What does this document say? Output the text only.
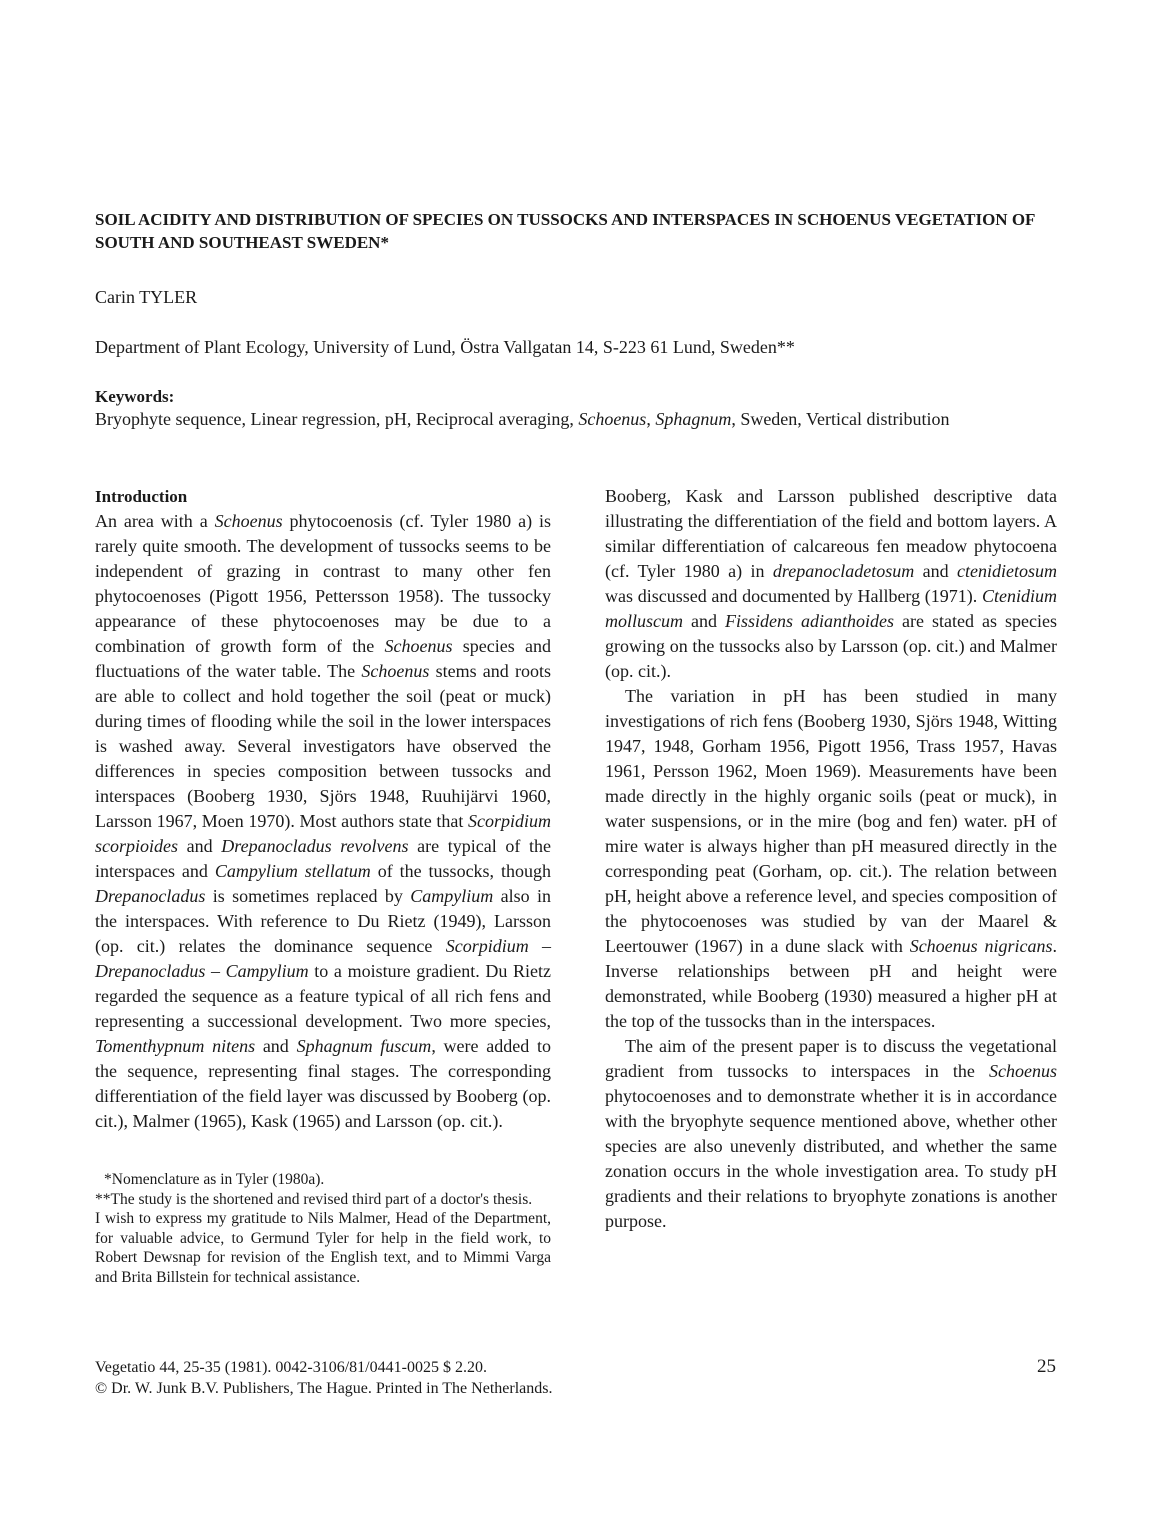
SOIL ACIDITY AND DISTRIBUTION OF SPECIES ON TUSSOCKS AND INTERSPACES IN SCHOENUS VEGETATION OF SOUTH AND SOUTHEAST SWEDEN*
Carin TYLER
Department of Plant Ecology, University of Lund, Östra Vallgatan 14, S-223 61 Lund, Sweden**
Keywords:
Bryophyte sequence, Linear regression, pH, Reciprocal averaging, Schoenus, Sphagnum, Sweden, Vertical distribution

Introduction

An area with a Schoenus phytocoenosis (cf. Tyler 1980 a) is rarely quite smooth. The development of tussocks seems to be independent of grazing in contrast to many other fen phytocoenoses (Pigott 1956, Pettersson 1958). The tussocky appearance of these phytocoenoses may be due to a combination of growth form of the Schoenus species and fluctuations of the water table. The Schoenus stems and roots are able to collect and hold together the soil (peat or muck) during times of flooding while the soil in the lower interspaces is washed away. Several investigators have observed the differences in species composition between tussocks and interspaces (Booberg 1930, Sjörs 1948, Ruuhijärvi 1960, Larsson 1967, Moen 1970). Most authors state that Scorpidium scorpioides and Drepanocladus revolvens are typical of the interspaces and Campylium stellatum of the tussocks, though Drepanocladus is sometimes replaced by Campylium also in the interspaces. With reference to Du Rietz (1949), Larsson (op. cit.) relates the dominance sequence Scorpidium – Drepanocladus – Campylium to a moisture gradient. Du Rietz regarded the sequence as a feature typical of all rich fens and representing a successional development. Two more species, Tomenthypnum nitens and Sphagnum fuscum, were added to the sequence, representing final stages. The corresponding differentiation of the field layer was discussed by Booberg (op. cit.), Malmer (1965), Kask (1965) and Larsson (op. cit.).

Booberg, Kask and Larsson published descriptive data illustrating the differentiation of the field and bottom layers. A similar differentiation of calcareous fen meadow phytocoena (cf. Tyler 1980 a) in drepanocladetosum and ctenidietosum was discussed and documented by Hallberg (1971). Ctenidium molluscum and Fissidens adianthoides are stated as species growing on the tussocks also by Larsson (op. cit.) and Malmer (op. cit.).

The variation in pH has been studied in many investigations of rich fens (Booberg 1930, Sjörs 1948, Witting 1947, 1948, Gorham 1956, Pigott 1956, Trass 1957, Havas 1961, Persson 1962, Moen 1969). Measurements have been made directly in the highly organic soils (peat or muck), in water suspensions, or in the mire (bog and fen) water. pH of mire water is always higher than pH measured directly in the corresponding peat (Gorham, op. cit.). The relation between pH, height above a reference level, and species composition of the phytocoenoses was studied by van der Maarel & Leertouwer (1967) in a dune slack with Schoenus nigricans. Inverse relationships between pH and height were demonstrated, while Booberg (1930) measured a higher pH at the top of the tussocks than in the interspaces.

The aim of the present paper is to discuss the vegetational gradient from tussocks to interspaces in the Schoenus phytocoenoses and to demonstrate whether it is in accordance with the bryophyte sequence mentioned above, whether other species are also unevenly distributed, and whether the same zonation occurs in the whole investigation area. To study pH gradients and their relations to bryophyte zonations is another purpose.

*Nomenclature as in Tyler (1980a).

**The study is the shortened and revised third part of a doctor's thesis.

I wish to express my gratitude to Nils Malmer, Head of the Department, for valuable advice, to Germund Tyler for help in the field work, to Robert Dewsnap for revision of the English text, and to Mimmi Varga and Brita Billstein for technical assistance.

Vegetatio 44, 25-35 (1981). 0042-3106/81/0441-0025 $ 2.20.
© Dr. W. Junk B.V. Publishers, The Hague. Printed in The Netherlands.
25
